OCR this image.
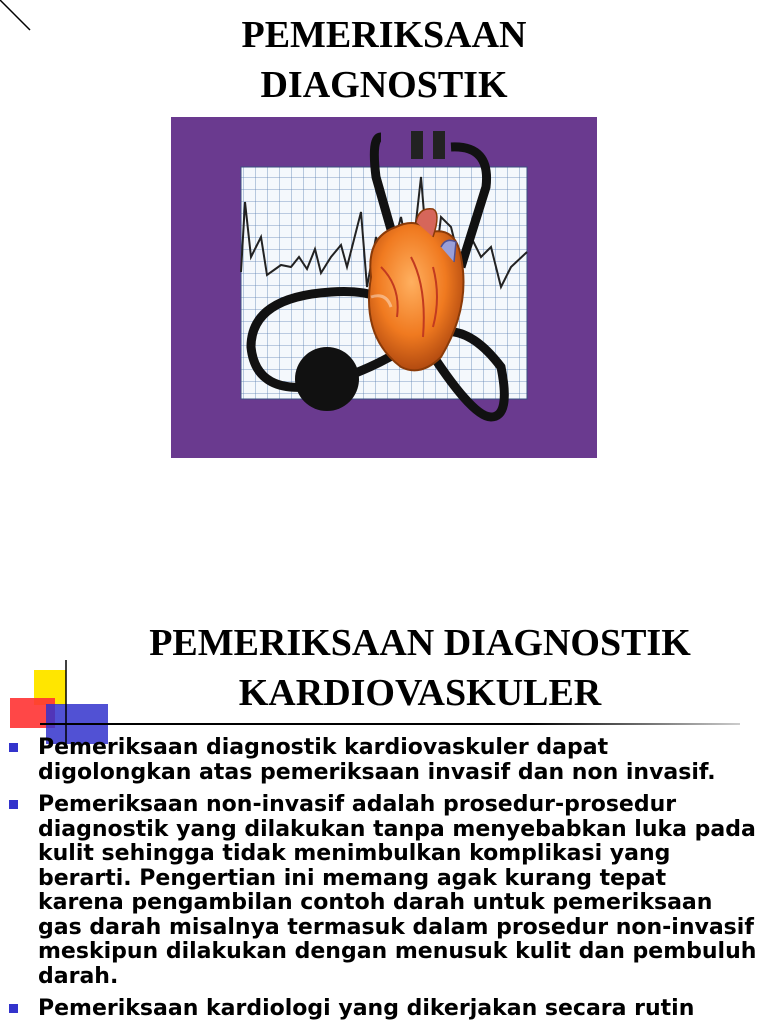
PEMERIKSAAN
DIAGNOSTIK
PEMERIKSAAN DIAGNOSTIK
KARDIOVASKULER
Pemeriksaan diagnostik kardiovaskuler dapat digolongkan atas pemeriksaan invasif dan non invasif.
Pemeriksaan non-invasif adalah prosedur-prosedur diagnostik yang dilakukan tanpa menyebabkan luka pada kulit sehingga tidak menimbulkan komplikasi yang berarti. Pengertian ini memang agak kurang tepat karena pengambilan contoh darah untuk pemeriksaan gas darah misalnya termasuk dalam prosedur non-invasif meskipun dilakukan dengan menusuk kulit dan pembuluh darah.
Pemeriksaan kardiologi yang dikerjakan secara rutin
